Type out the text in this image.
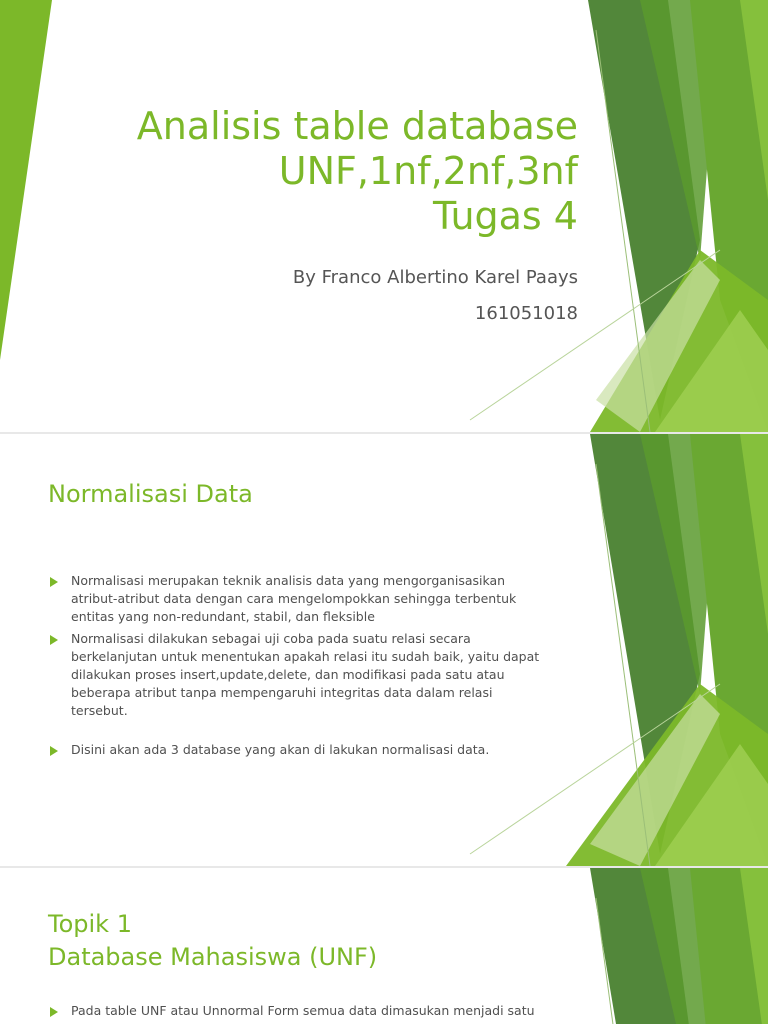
Analisis table database
UNF,1nf,2nf,3nf
Tugas 4
By Franco Albertino Karel Paays
161051018
Normalisasi Data
Normalisasi merupakan teknik analisis data yang mengorganisasikan atribut-atribut data dengan cara mengelompokkan sehingga terbentuk entitas yang non-redundant, stabil, dan fleksible
Normalisasi dilakukan sebagai uji coba pada suatu relasi secara berkelanjutan untuk menentukan apakah relasi itu sudah baik, yaitu dapat dilakukan proses insert,update,delete, dan modifikasi pada satu atau beberapa atribut tanpa mempengaruhi integritas data dalam relasi tersebut.
Disini akan ada 3 database yang akan di lakukan normalisasi data.
Topik 1
Database Mahasiswa (UNF)
Pada table UNF atau Unnormal Form semua data dimasukan menjadi satu
